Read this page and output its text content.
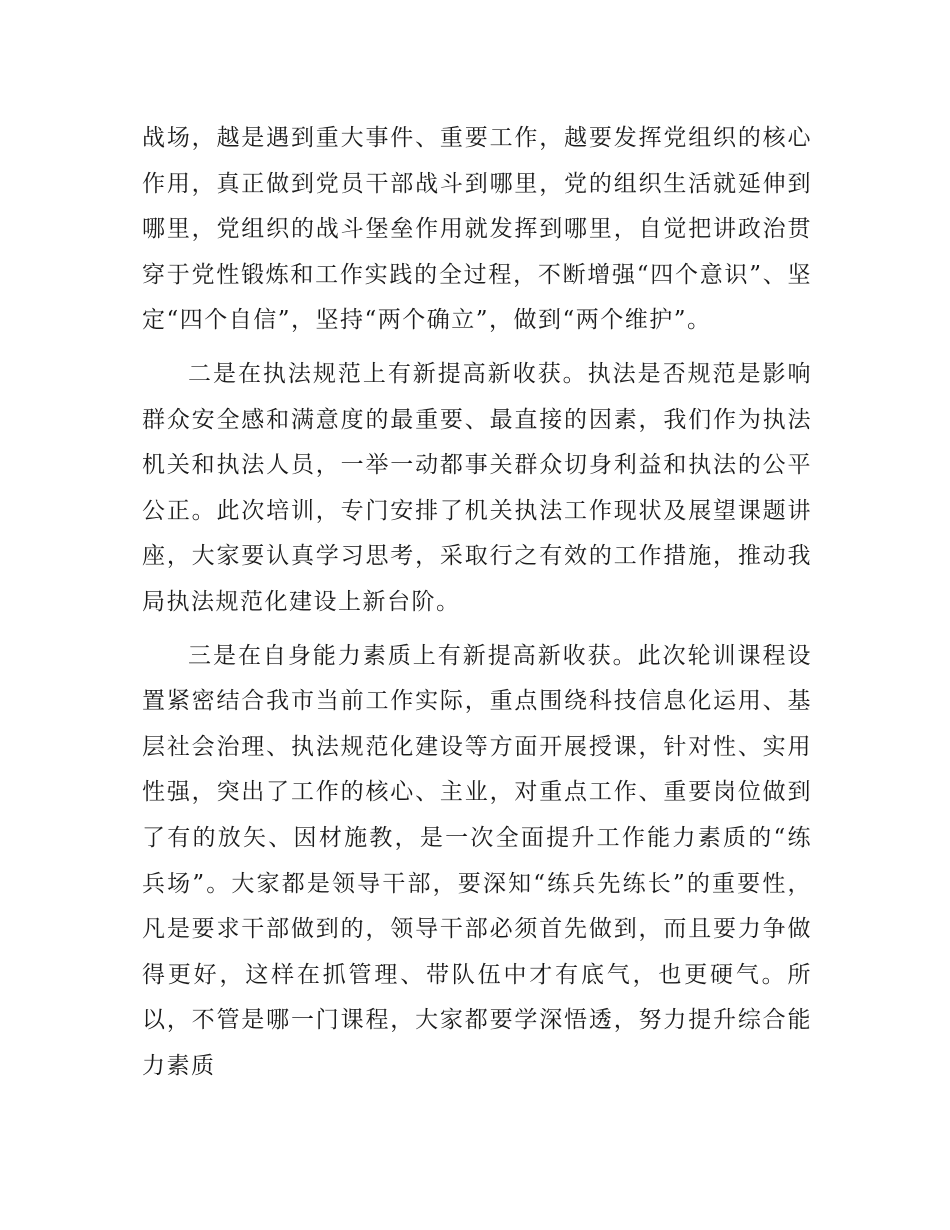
战场，越是遇到重大事件、重要工作，越要发挥党组织的核心作用，真正做到党员干部战斗到哪里，党的组织生活就延伸到哪里，党组织的战斗堡垒作用就发挥到哪里，自觉把讲政治贯穿于党性锻炼和工作实践的全过程，不断增强“四个意识”、坚定“四个自信”，坚持“两个确立”，做到“两个维护”。

二是在执法规范上有新提高新收获。执法是否规范是影响群众安全感和满意度的最重要、最直接的因素，我们作为执法机关和执法人员，一举一动都事关群众切身利益和执法的公平公正。此次培训，专门安排了机关执法工作现状及展望课题讲座，大家要认真学习思考，采取行之有效的工作措施，推动我局执法规范化建设上新台阶。

三是在自身能力素质上有新提高新收获。此次轮训课程设置紧密结合我市当前工作实际，重点围绕科技信息化运用、基层社会治理、执法规范化建设等方面开展授课，针对性、实用性强，突出了工作的核心、主业，对重点工作、重要岗位做到了有的放矢、因材施教，是一次全面提升工作能力素质的“练兵场”。大家都是领导干部，要深知“练兵先练长”的重要性，凡是要求干部做到的，领导干部必须首先做到，而且要力争做得更好，这样在抓管理、带队伍中才有底气，也更硬气。所以，不管是哪一门课程，大家都要学深悟透，努力提升综合能力素质
